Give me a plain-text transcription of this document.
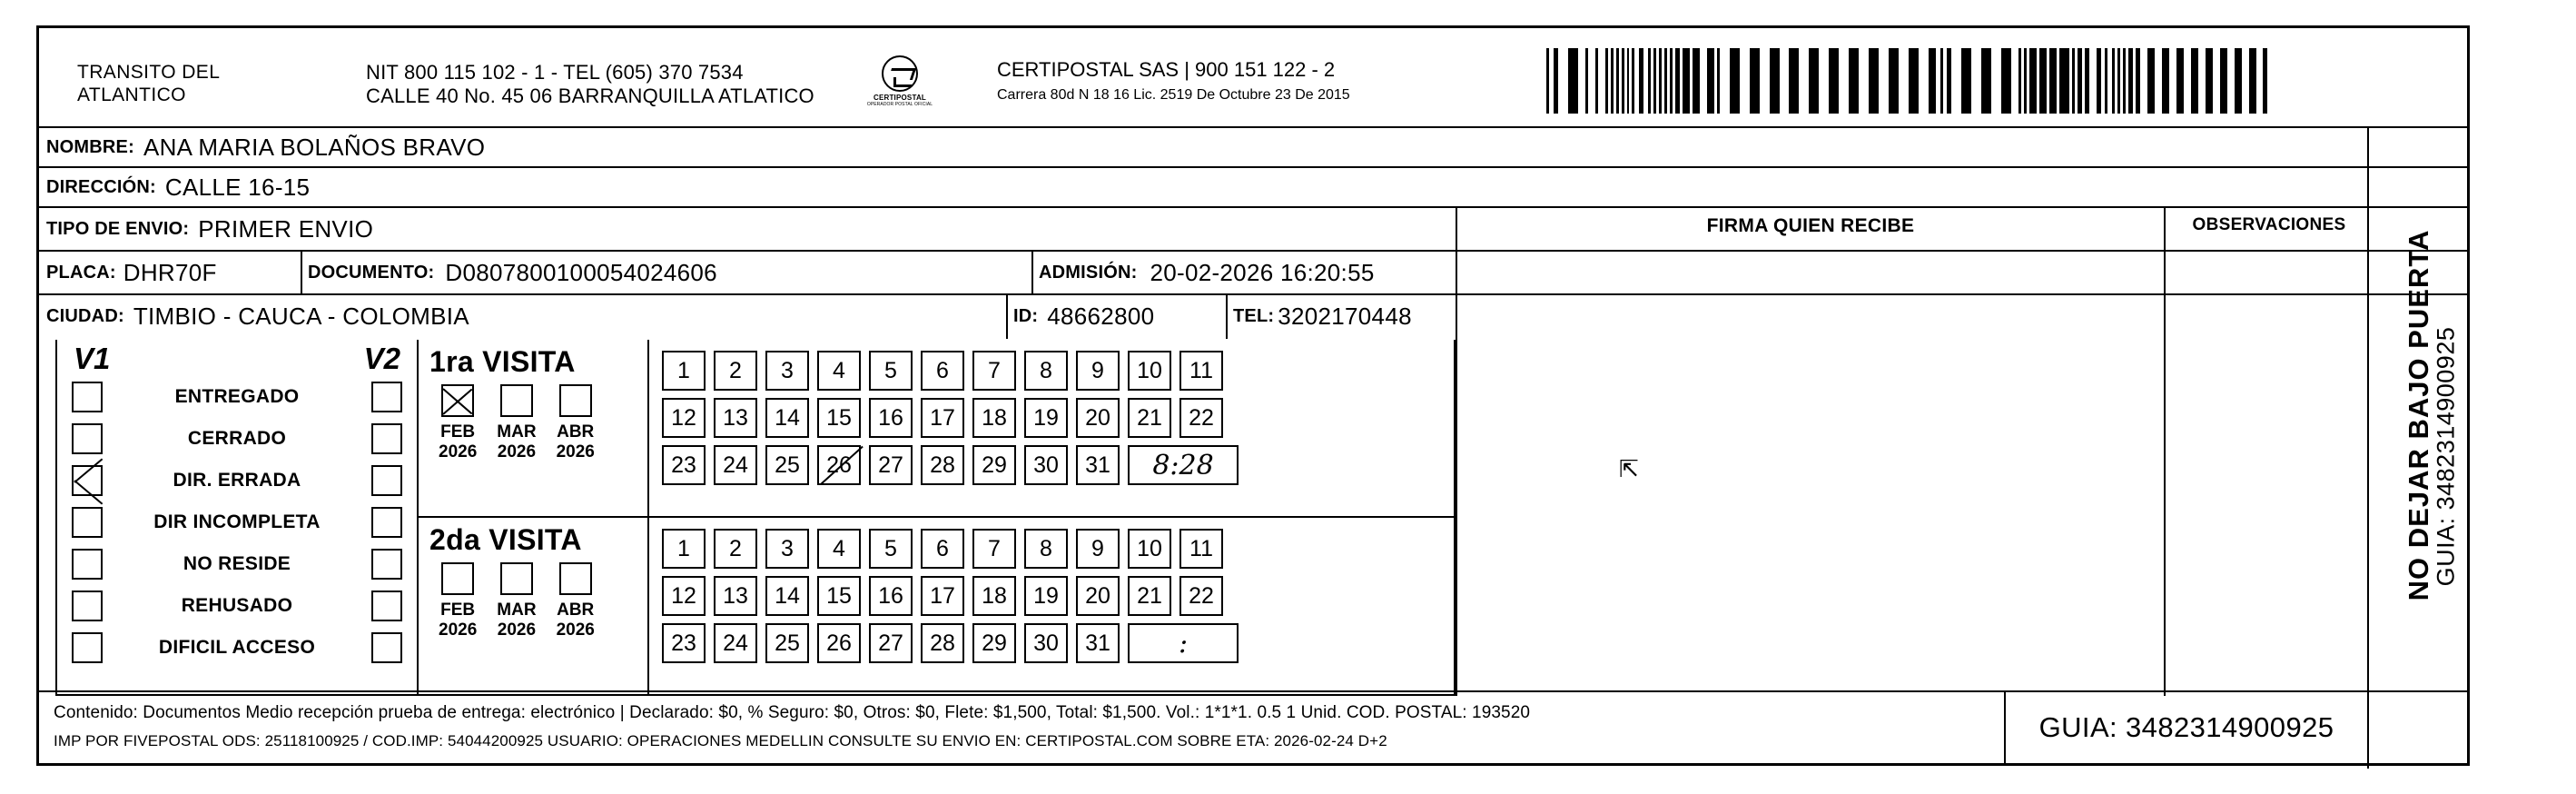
TRANSITO DEL
ATLANTICO
NIT 800 115 102 - 1 - TEL (605) 370 7534
CALLE 40 No. 45 06 BARRANQUILLA ATLATICO	CERTIPOSTAL
OPERADOR POSTAL OFICIAL
CERTIPOSTAL SAS | 900 151 122 - 2
Carrera 80d N 18 16 Lic. 2519 De Octubre 23 De 2015
NO DEJAR BAJO PUERTA
GUIA: 3482314900925
NOMBRE: ANA MARIA BOLAÑOS BRAVO
DIRECCIÓN: CALLE 16-15
TIPO DE ENVIO: PRIMER ENVIO
PLACA: DHR70F	DOCUMENTO: D0807800100054024606	ADMISIÓN: 20-02-2026 16:20:55
CIUDAD: TIMBIO - CAUCA - COLOMBIA	ID: 48662800	TEL: 3202170448
FIRMA QUIEN RECIBE	OBSERVACIONES
⇱
V1	V2
ENTREGADO
CERRADO
DIR. ERRADA
DIR INCOMPLETA
NO RESIDE
REHUSADO
DIFICIL ACCESO
1ra VISITA
FEB
2026
MAR
2026
ABR
2026
1	2	3	4	5	6	7	8	9	10	11
12	13	14	15	16	17	18	19	20	21	22
23	24	25	26	27	28	29	30	31	8:28
2da VISITA
FEB
2026
MAR
2026
ABR
2026
1	2	3	4	5	6	7	8	9	10	11
12	13	14	15	16	17	18	19	20	21	22
23	24	25	26	27	28	29	30	31	:
Contenido: Documentos Medio recepción prueba de entrega: electrónico | Declarado: $0, % Seguro: $0, Otros: $0, Flete: $1,500, Total: $1,500. Vol.: 1*1*1. 0.5 1 Unid. COD. POSTAL: 193520
IMP POR FIVEPOSTAL ODS: 25118100925 / COD.IMP: 54044200925 USUARIO: OPERACIONES MEDELLIN CONSULTE SU ENVIO EN: CERTIPOSTAL.COM SOBRE ETA: 2026-02-24 D+2	GUIA: 3482314900925
